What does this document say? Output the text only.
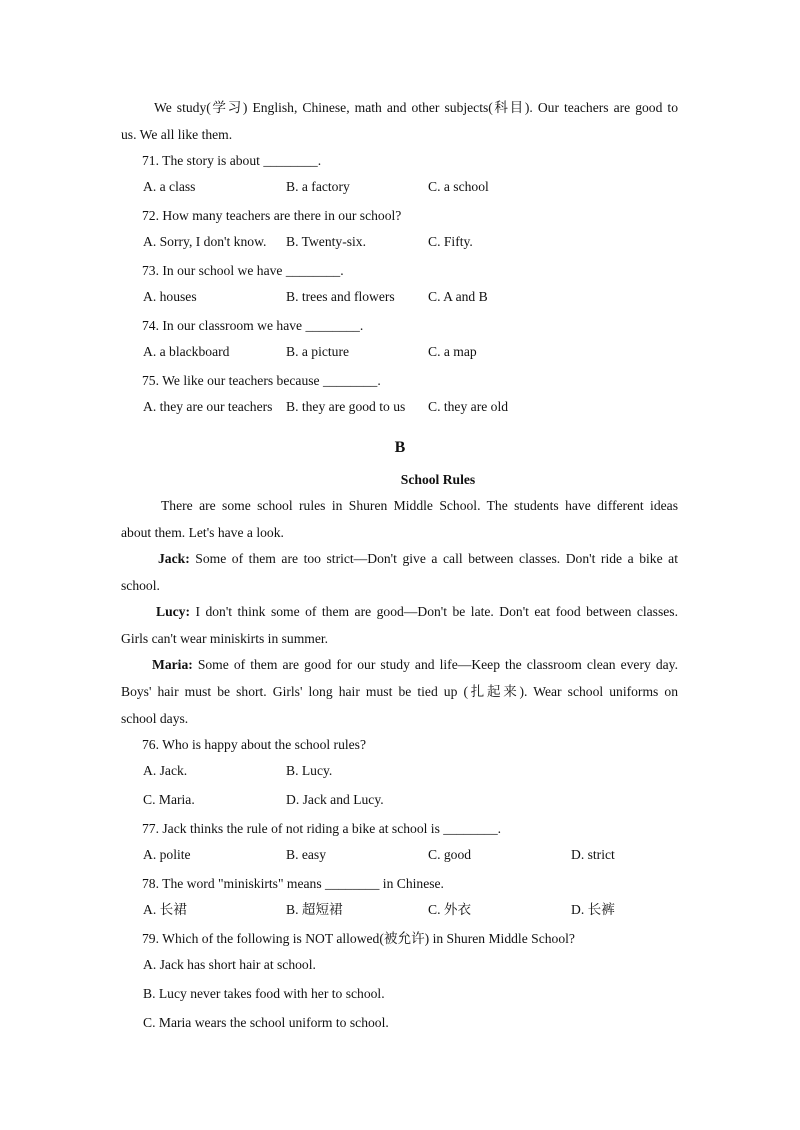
We study(学习) English, Chinese, math and other subjects(科目). Our teachers are good to
us. We all like them.
71. The story is about ________.
A. a class	B. a factory	C. a school
72. How many teachers are there in our school?
A. Sorry, I don't know. B. Twenty-six.	C. Fifty.
73. In our school we have ________.
A. houses	B. trees and flowers C. A and B
74. In our classroom we have ________.
A. a blackboard	B. a picture	C. a map
75. We like our teachers because ________.
A. they are our teachers B. they are good to us C. they are old
B
School Rules
There are some school rules in Shuren Middle School. The students have different ideas
about them. Let's have a look.
Jack: Some of them are too strict—Don't give a call between classes. Don't ride a bike at
school.
Lucy: I don't think some of them are good—Don't be late. Don't eat food between classes.
Girls can't wear miniskirts in summer.
Maria: Some of them are good for our study and life—Keep the classroom clean every day.
Boys' hair must be short. Girls' long hair must be tied up (扎起来). Wear school uniforms on
school days.
76. Who is happy about the school rules?
A. Jack.	B. Lucy.
C. Maria.	D. Jack and Lucy.
77. Jack thinks the rule of not riding a bike at school is ________.
A. polite	B. easy	C. good	D. strict
78. The word "miniskirts" means ________ in Chinese.
A. 长裙	B. 超短裙	C. 外衣	D. 长裤
79. Which of the following is NOT allowed(被允许) in Shuren Middle School?
A. Jack has short hair at school.
B. Lucy never takes food with her to school.
C. Maria wears the school uniform to school.
